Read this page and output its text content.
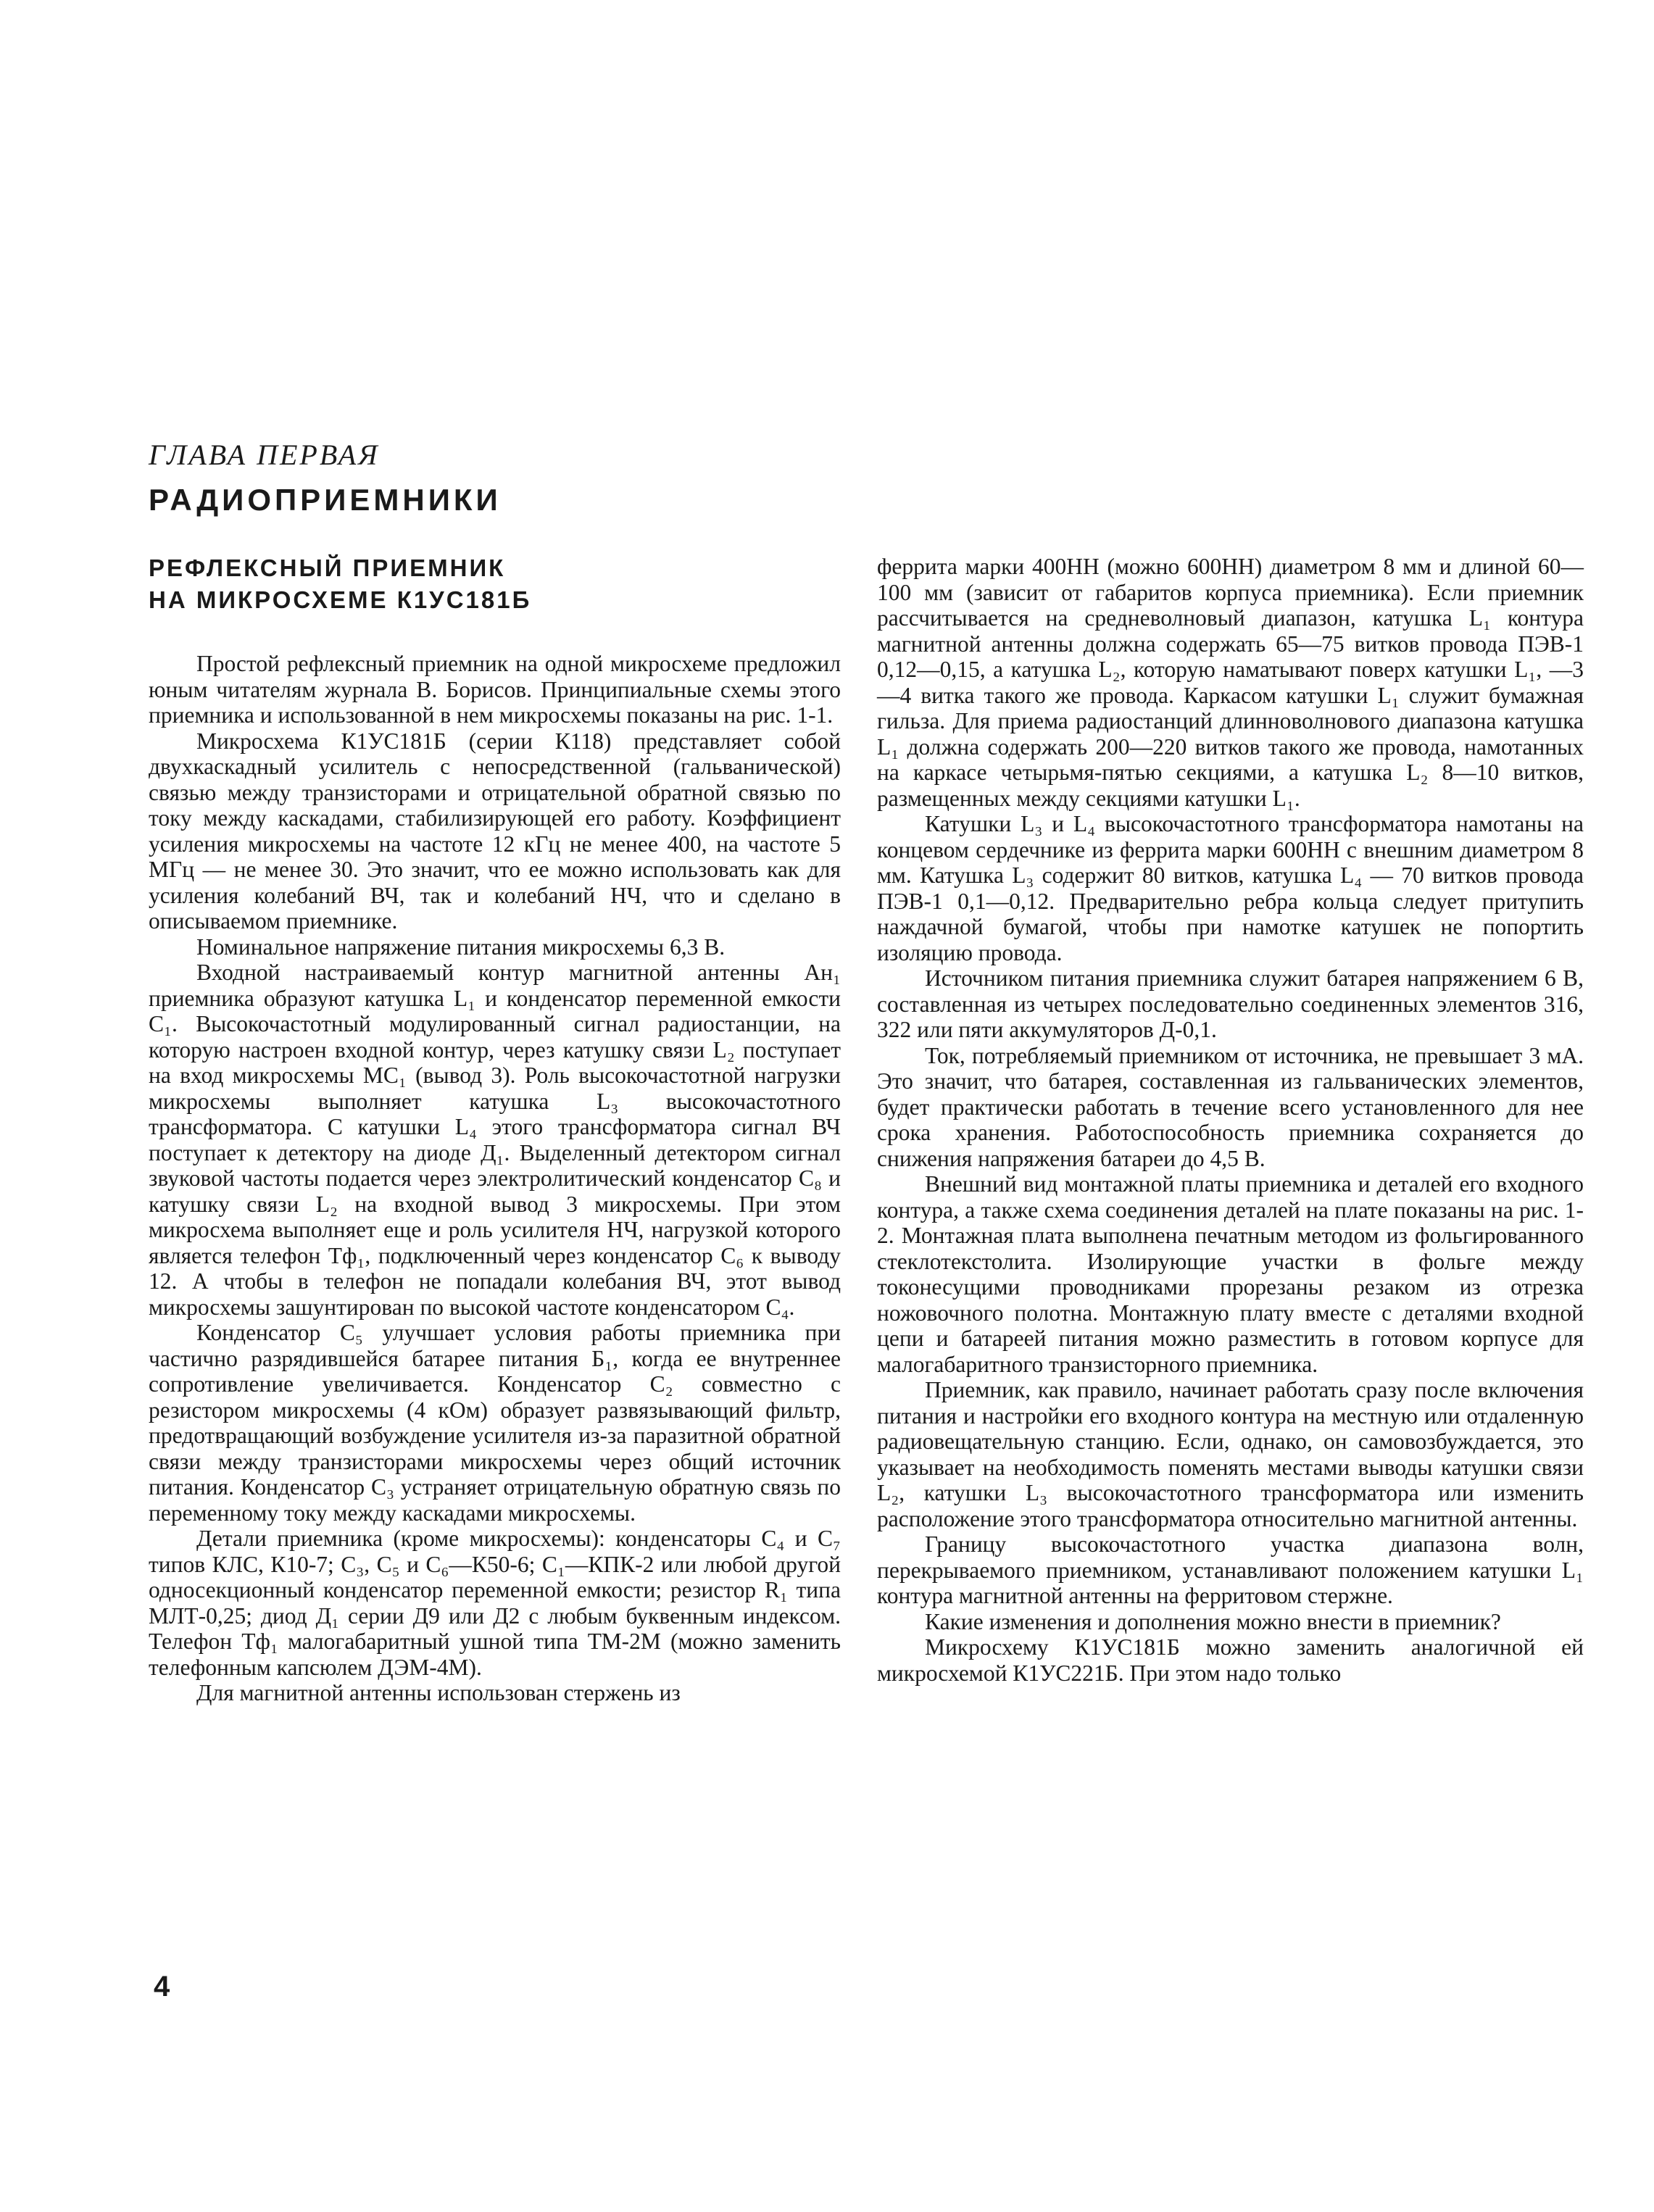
ГЛАВА ПЕРВАЯ
РАДИОПРИЕМНИКИ
РЕФЛЕКСНЫЙ ПРИЕМНИК
НА МИКРОСХЕМЕ К1УС181Б

Простой рефлексный приемник на одной микросхеме предложил юным читателям журнала В. Борисов. Принципиальные схемы этого приемника и использованной в нем микросхемы показаны на рис. 1-1.

Микросхема К1УС181Б (серии К118) представляет собой двухкаскадный усилитель с непосредственной (гальванической) связью между транзисторами и отрицательной обратной связью по току между каскадами, стабилизирующей его работу. Коэффициент усиления микросхемы на частоте 12 кГц не менее 400, на частоте 5 МГц — не менее 30. Это значит, что ее можно использовать как для усиления колебаний ВЧ, так и колебаний НЧ, что и сделано в описываемом приемнике.

Номинальное напряжение питания микросхемы 6,3 В.

Входной настраиваемый контур магнитной антенны Ан₁ приемника образуют катушка L₁ и конденсатор переменной емкости C₁. Высокочастотный модулированный сигнал радиостанции, на которую настроен входной контур, через катушку связи L₂ поступает на вход микросхемы МС₁ (вывод 3). Роль высокочастотной нагрузки микросхемы выполняет катушка L₃ высокочастотного трансформатора. С катушки L₄ этого трансформатора сигнал ВЧ поступает к детектору на диоде Д₁. Выделенный детектором сигнал звуковой частоты подается через электролитический конденсатор C₈ и катушку связи L₂ на входной вывод 3 микросхемы. При этом микросхема выполняет еще и роль усилителя НЧ, нагрузкой которого является телефон Тф₁, подключенный через конденсатор C₆ к выводу 12. А чтобы в телефон не попадали колебания ВЧ, этот вывод микросхемы зашунтирован по высокой частоте конденсатором C₄.

Конденсатор C₅ улучшает условия работы приемника при частично разрядившейся батарее питания Б₁, когда ее внутреннее сопротивление увеличивается. Конденсатор C₂ совместно с резистором микросхемы (4 кОм) образует развязывающий фильтр, предотвращающий возбуждение усилителя из-за паразитной обратной связи между транзисторами микросхемы через общий источник питания. Конденсатор C₃ устраняет отрицательную обратную связь по переменному току между каскадами микросхемы.

Детали приемника (кроме микросхемы): конденсаторы C₄ и C₇ типов КЛС, К10-7; C₃, C₅ и C₆—К50-6; C₁—КПК-2 или любой другой односекционный конденсатор переменной емкости; резистор R₁ типа МЛТ-0,25; диод Д₁ серии Д9 или Д2 с любым буквенным индексом. Телефон Тф₁ малогабаритный ушной типа ТМ-2М (можно заменить телефонным капсюлем ДЭМ-4М).

Для магнитной антенны использован стержень из

феррита марки 400НН (можно 600НН) диаметром 8 мм и длиной 60—100 мм (зависит от габаритов корпуса приемника). Если приемник рассчитывается на средневолновый диапазон, катушка L₁ контура магнитной антенны должна содержать 65—75 витков провода ПЭВ-1 0,12—0,15, а катушка L₂, которую наматывают поверх катушки L₁, —3—4 витка такого же провода. Каркасом катушки L₁ служит бумажная гильза. Для приема радиостанций длинноволнового диапазона катушка L₁ должна содержать 200—220 витков такого же провода, намотанных на каркасе четырьмя-пятью секциями, а катушка L₂ 8—10 витков, размещенных между секциями катушки L₁.

Катушки L₃ и L₄ высокочастотного трансформатора намотаны на концевом сердечнике из феррита марки 600НН с внешним диаметром 8 мм. Катушка L₃ содержит 80 витков, катушка L₄ — 70 витков провода ПЭВ-1 0,1—0,12. Предварительно ребра кольца следует притупить наждачной бумагой, чтобы при намотке катушек не попортить изоляцию провода.

Источником питания приемника служит батарея напряжением 6 В, составленная из четырех последовательно соединенных элементов 316, 322 или пяти аккумуляторов Д-0,1.

Ток, потребляемый приемником от источника, не превышает 3 мА. Это значит, что батарея, составленная из гальванических элементов, будет практически работать в течение всего установленного для нее срока хранения. Работоспособность приемника сохраняется до снижения напряжения батареи до 4,5 В.

Внешний вид монтажной платы приемника и деталей его входного контура, а также схема соединения деталей на плате показаны на рис. 1-2. Монтажная плата выполнена печатным методом из фольгированного стеклотекстолита. Изолирующие участки в фольге между токонесущими проводниками прорезаны резаком из отрезка ножовочного полотна. Монтажную плату вместе с деталями входной цепи и батареей питания можно разместить в готовом корпусе для малогабаритного транзисторного приемника.

Приемник, как правило, начинает работать сразу после включения питания и настройки его входного контура на местную или отдаленную радиовещательную станцию. Если, однако, он самовозбуждается, это указывает на необходимость поменять местами выводы катушки связи L₂, катушки L₃ высокочастотного трансформатора или изменить расположение этого трансформатора относительно магнитной антенны.

Границу высокочастотного участка диапазона волн, перекрываемого приемником, устанавливают положением катушки L₁ контура магнитной антенны на ферритовом стержне.

Какие изменения и дополнения можно внести в приемник?

Микросхему К1УС181Б можно заменить аналогичной ей микросхемой К1УС221Б. При этом надо только

4
